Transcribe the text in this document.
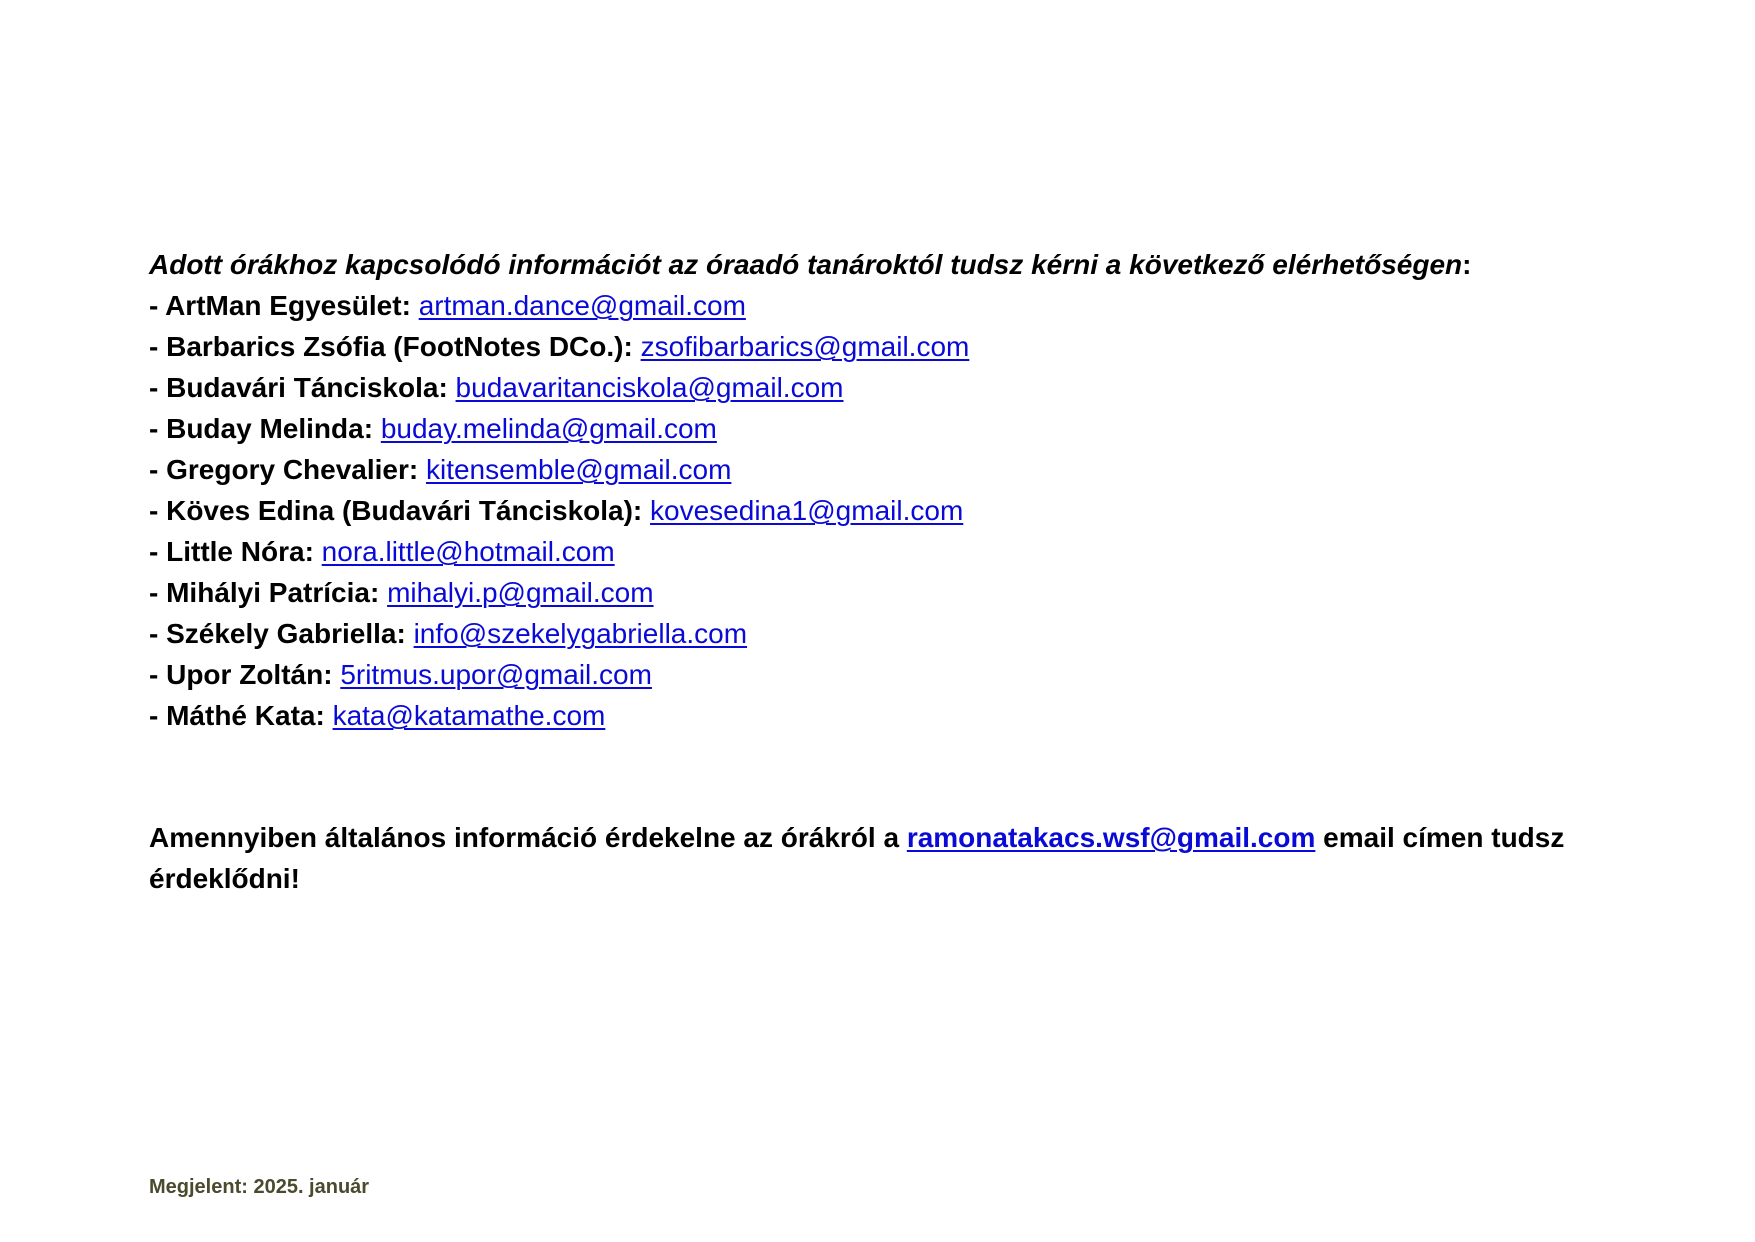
Adott órákhoz kapcsolódó információt az óraadó tanároktól tudsz kérni a következő elérhetőségen:

- ArtMan Egyesület: artman.dance@gmail.com
- Barbarics Zsófia (FootNotes DCo.): zsofibarbarics@gmail.com
- Budavári Tánciskola: budavaritanciskola@gmail.com
- Buday Melinda: buday.melinda@gmail.com
- Gregory Chevalier: kitensemble@gmail.com
- Köves Edina (Budavári Tánciskola): kovesedina1@gmail.com
- Little Nóra: nora.little@hotmail.com
- Mihályi Patrícia: mihalyi.p@gmail.com
- Székely Gabriella: info@szekelygabriella.com
- Upor Zoltán: 5ritmus.upor@gmail.com
- Máthé Kata: kata@katamathe.com

Amennyiben általános információ érdekelne az órákról a ramonatakacs.wsf@gmail.com email címen tudsz érdeklődni!

Megjelent: 2025. január
